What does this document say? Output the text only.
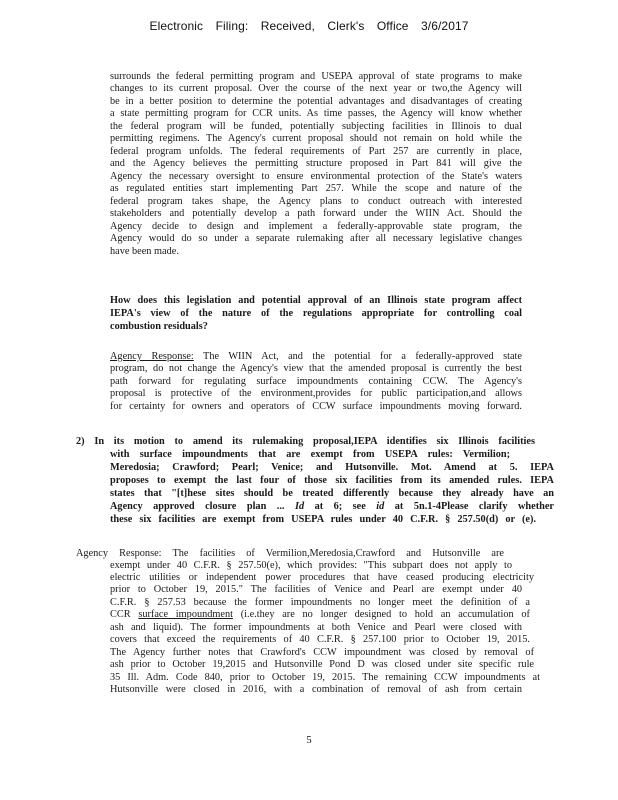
Electronic Filing: Received, Clerk's Office 3/6/2017

surrounds the federal permitting program and USEPA approval of state programs to make

changes to its current proposal. Over the course of the next year or two,the Agency will

be in a better position to determine the potential advantages and disadvantages of creating

a state permitting program for CCR units. As time passes, the Agency will know whether

the federal program will be funded, potentially subjecting facilities in Illinois to dual

permitting regimens. The Agency's current proposal should not remain on hold while the

federal program unfolds. The federal requirements of Part 257 are currently in place,

and the Agency believes the permitting structure proposed in Part 841 will give the

Agency the necessary oversight to ensure environmental protection of the State's waters

as regulated entities start implementing Part 257. While the scope and nature of the

federal program takes shape, the Agency plans to conduct outreach with interested

stakeholders and potentially develop a path forward under the WIIN Act. Should the

Agency decide to design and implement a federally-approvable state program, the

Agency would do so under a separate rulemaking after all necessary legislative changes

have been made.

How does this legislation and potential approval of an Illinois state program affect

IEPA's view of the nature of the regulations appropriate for controlling coal

combustion residuals?

Agency Response: The WIIN Act, and the potential for a federally-approved state

program, do not change the Agency's view that the amended proposal is currently the best

path forward for regulating surface impoundments containing CCW. The Agency's

proposal is protective of the environment,provides for public participation,and allows

for certainty for owners and operators of CCW surface impoundments moving forward.

2) In its motion to amend its rulemaking proposal,IEPA identifies six Illinois facilities

with surface impoundments that are exempt from USEPA rules: Vermilion;

Meredosia; Crawford; Pearl; Venice; and Hutsonville. Mot. Amend at 5. IEPA

proposes to exempt the last four of those six facilities from its amended rules. IEPA

states that "[t]hese sites should be treated differently because they already have an

Agency approved closure plan ... Id at 6; see id at 5n.1-4Please clarify whether

these six facilities are exempt from USEPA rules under 40 C.F.R. § 257.50(d) or (e).

Agency Response: The facilities of Vermilion,Meredosia,Crawford and Hutsonville are

exempt under 40 C.F.R. § 257.50(e), which provides: "This subpart does not apply to

electric utilities or independent power procedures that have ceased producing electricity

prior to October 19, 2015." The facilities of Venice and Pearl are exempt under 40

C.F.R. § 257.53 because the former impoundments no longer meet the definition of a

CCR surface impoundment (i.e.they are no longer designed to hold an accumulation of

ash and liquid). The former impoundments at both Venice and Pearl were closed with

covers that exceed the requirements of 40 C.F.R. § 257.100 prior to October 19, 2015.

The Agency further notes that Crawford's CCW impoundment was closed by removal of

ash prior to October 19,2015 and Hutsonville Pond D was closed under site specific rule

35 Ill. Adm. Code 840, prior to October 19, 2015. The remaining CCW impoundments at

Hutsonville were closed in 2016, with a combination of removal of ash from certain

5
